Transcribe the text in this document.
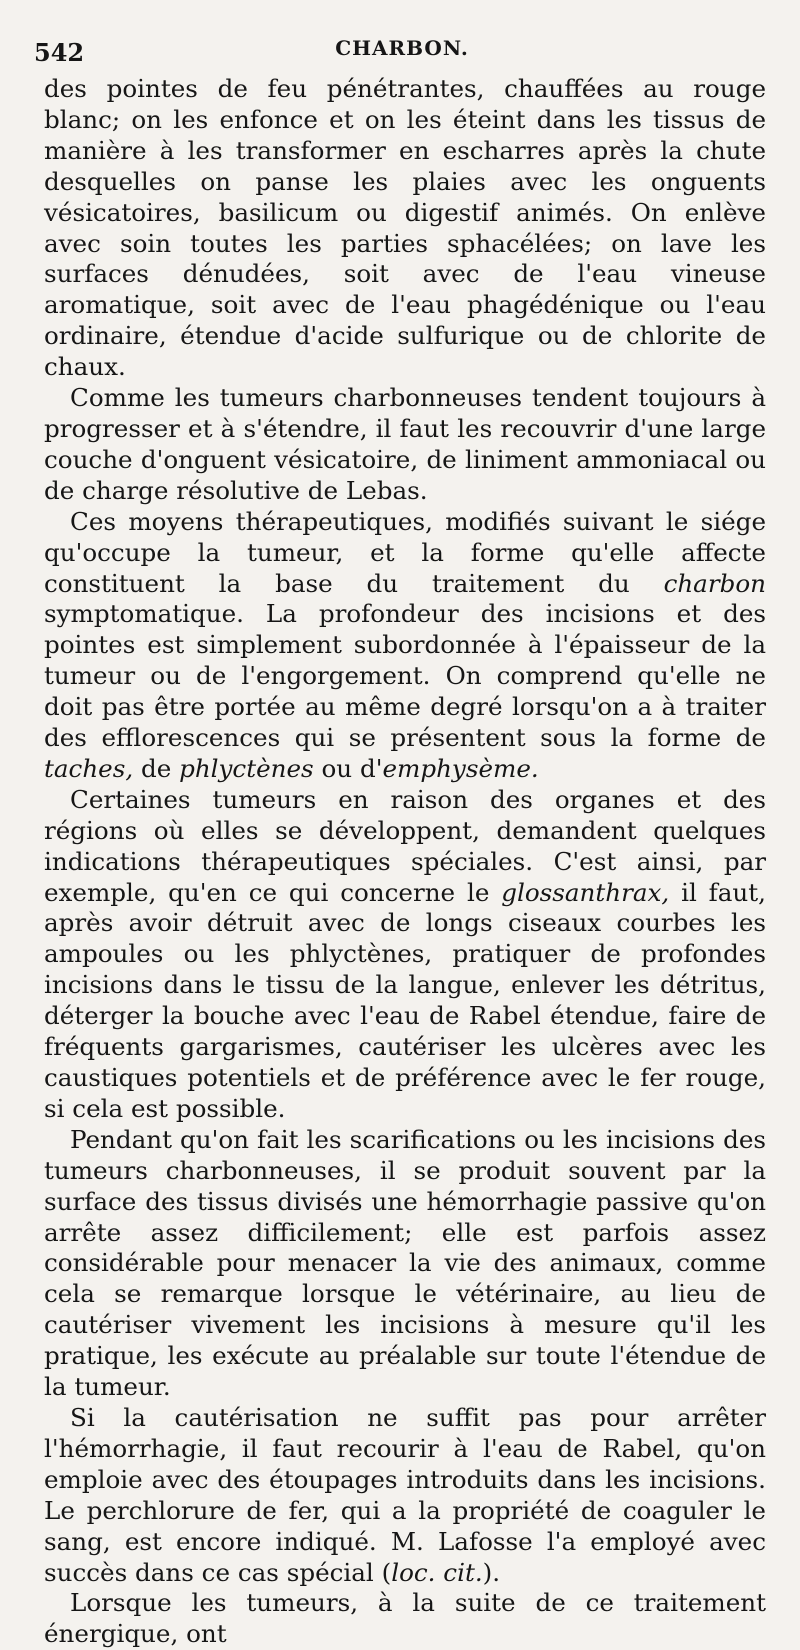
542	CHARBON.

des pointes de feu pénétrantes, chauffées au rouge blanc; on les enfonce et on les éteint dans les tissus de manière à les transformer en escharres après la chute desquelles on panse les plaies avec les onguents vésicatoires, basilicum ou digestif animés. On enlève avec soin toutes les parties sphacélées; on lave les surfaces dénudées, soit avec de l'eau vineuse aromatique, soit avec de l'eau phagédénique ou l'eau ordinaire, étendue d'acide sulfurique ou de chlorite de chaux.

Comme les tumeurs charbonneuses tendent toujours à progresser et à s'étendre, il faut les recouvrir d'une large couche d'onguent vésicatoire, de liniment ammoniacal ou de charge résolutive de Lebas.

Ces moyens thérapeutiques, modifiés suivant le siége qu'occupe la tumeur, et la forme qu'elle affecte constituent la base du traitement du charbon symptomatique. La profondeur des incisions et des pointes est simplement subordonnée à l'épaisseur de la tumeur ou de l'engorgement. On comprend qu'elle ne doit pas être portée au même degré lorsqu'on a à traiter des efflorescences qui se présentent sous la forme de taches, de phlyctènes ou d'emphysème.

Certaines tumeurs en raison des organes et des régions où elles se développent, demandent quelques indications thérapeutiques spéciales. C'est ainsi, par exemple, qu'en ce qui concerne le glossanthrax, il faut, après avoir détruit avec de longs ciseaux courbes les ampoules ou les phlyctènes, pratiquer de profondes incisions dans le tissu de la langue, enlever les détritus, déterger la bouche avec l'eau de Rabel étendue, faire de fréquents gargarismes, cautériser les ulcères avec les caustiques potentiels et de préférence avec le fer rouge, si cela est possible.

Pendant qu'on fait les scarifications ou les incisions des tumeurs charbonneuses, il se produit souvent par la surface des tissus divisés une hémorrhagie passive qu'on arrête assez difficilement; elle est parfois assez considérable pour menacer la vie des animaux, comme cela se remarque lorsque le vétérinaire, au lieu de cautériser vivement les incisions à mesure qu'il les pratique, les exécute au préalable sur toute l'étendue de la tumeur.

Si la cautérisation ne suffit pas pour arrêter l'hémorrhagie, il faut recourir à l'eau de Rabel, qu'on emploie avec des étoupages introduits dans les incisions. Le perchlorure de fer, qui a la propriété de coaguler le sang, est encore indiqué. M. Lafosse l'a employé avec succès dans ce cas spécial (loc. cit.).

Lorsque les tumeurs, à la suite de ce traitement énergique, ont
